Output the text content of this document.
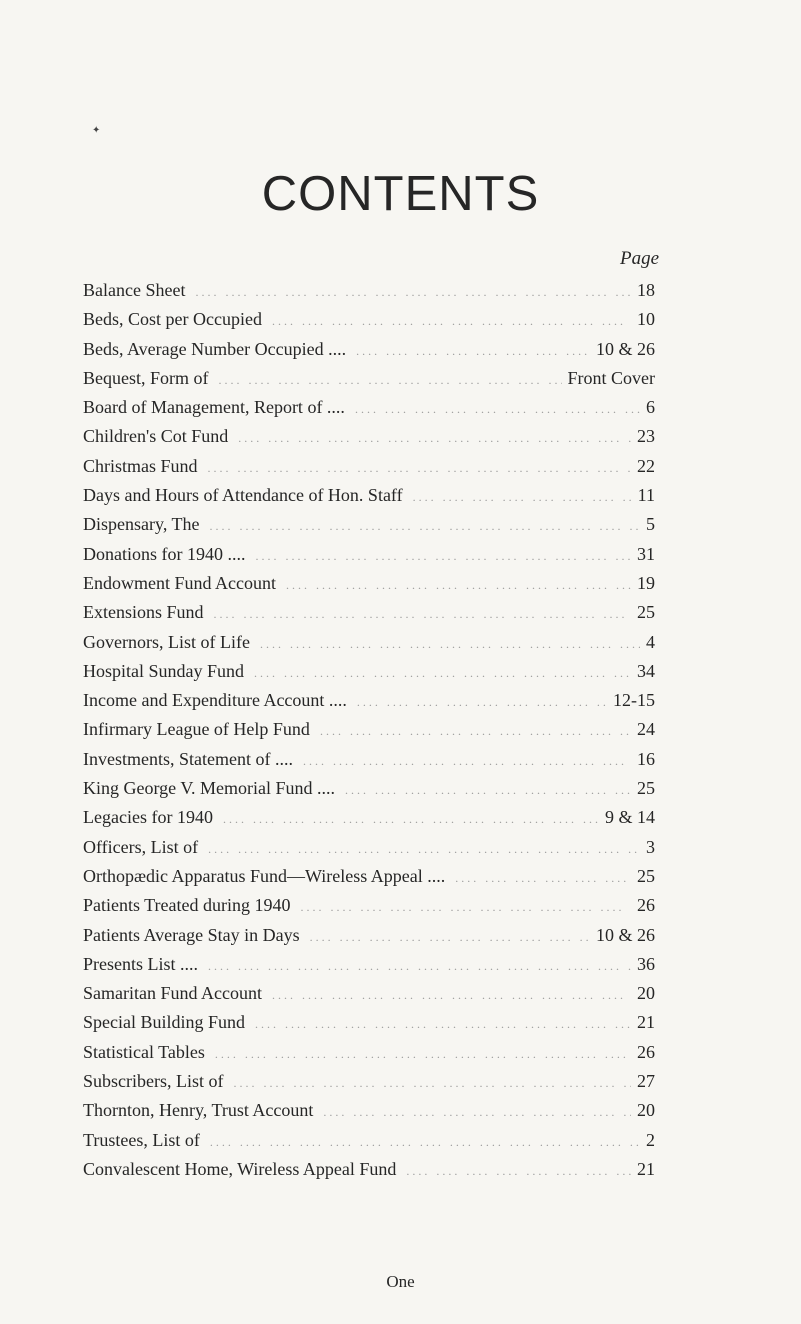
✦
CONTENTS
Page
Balance Sheet ....	18
Beds, Cost per Occupied ....	10
Beds, Average Number Occupied .... ....	10 & 26
Bequest, Form of ....	Front Cover
Board of Management, Report of .... ....	6
Children's Cot Fund ....	23
Christmas Fund ....	22
Days and Hours of Attendance of Hon. Staff ....	11
Dispensary, The ....	5
Donations for 1940 .... ....	31
Endowment Fund Account ....	19
Extensions Fund ....	25
Governors, List of Life ....	4
Hospital Sunday Fund ....	34
Income and Expenditure Account .... ....	12-15
Infirmary League of Help Fund ....	24
Investments, Statement of .... ....	16
King George V. Memorial Fund .... ....	25
Legacies for 1940 ....	9 & 14
Officers, List of ....	3
Orthopædic Apparatus Fund—Wireless Appeal .... ....	25
Patients Treated during 1940 ....	26
Patients Average Stay in Days ....	10 & 26
Presents List .... ....	36
Samaritan Fund Account ....	20
Special Building Fund ....	21
Statistical Tables ....	26
Subscribers, List of ....	27
Thornton, Henry, Trust Account ....	20
Trustees, List of ....	2
Convalescent Home, Wireless Appeal Fund ....	21
One
